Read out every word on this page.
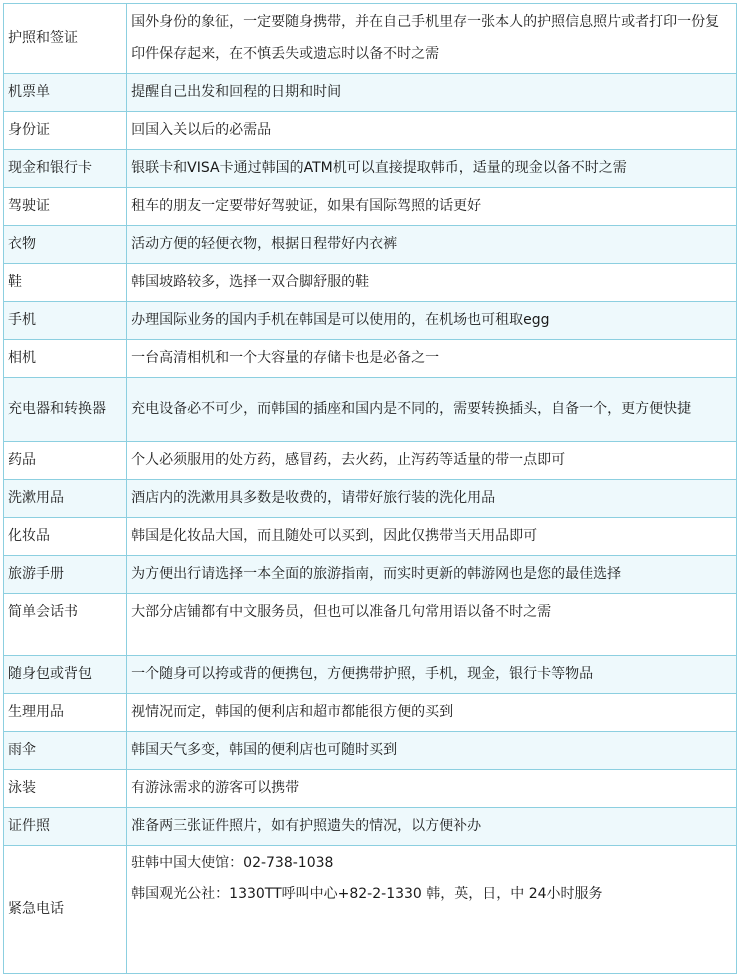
护照和签证	国外身份的象征，一定要随身携带，并在自己手机里存一张本人的护照信息照片或者打印一份复印件保存起来，在不慎丢失或遗忘时以备不时之需
机票单	提醒自己出发和回程的日期和时间
身份证	回国入关以后的必需品
现金和银行卡	银联卡和VISA卡通过韩国的ATM机可以直接提取韩币，适量的现金以备不时之需
驾驶证	租车的朋友一定要带好驾驶证，如果有国际驾照的话更好
衣物	活动方便的轻便衣物，根据日程带好内衣裤
鞋	韩国坡路较多，选择一双合脚舒服的鞋
手机	办理国际业务的国内手机在韩国是可以使用的，在机场也可租取egg
相机	一台高清相机和一个大容量的存储卡也是必备之一
充电器和转换器	充电设备必不可少，而韩国的插座和国内是不同的，需要转换插头，自备一个，更方便快捷
药品	个人必须服用的处方药，感冒药，去火药，止泻药等适量的带一点即可
洗漱用品	酒店内的洗漱用具多数是收费的，请带好旅行装的洗化用品
化妆品	韩国是化妆品大国，而且随处可以买到，因此仅携带当天用品即可
旅游手册	为方便出行请选择一本全面的旅游指南，而实时更新的韩游网也是您的最佳选择
简单会话书	大部分店铺都有中文服务员，但也可以准备几句常用语以备不时之需
随身包或背包	一个随身可以挎或背的便携包，方便携带护照，手机，现金，银行卡等物品
生理用品	视情况而定，韩国的便利店和超市都能很方便的买到
雨伞	韩国天气多变，韩国的便利店也可随时买到
泳装	有游泳需求的游客可以携带
证件照	准备两三张证件照片，如有护照遗失的情况，以方便补办
紧急电话	驻韩中国大使馆：02-738-1038
韩国观光公社：1330TT呼叫中心+82-2-1330 韩，英，日，中 24小时服务
